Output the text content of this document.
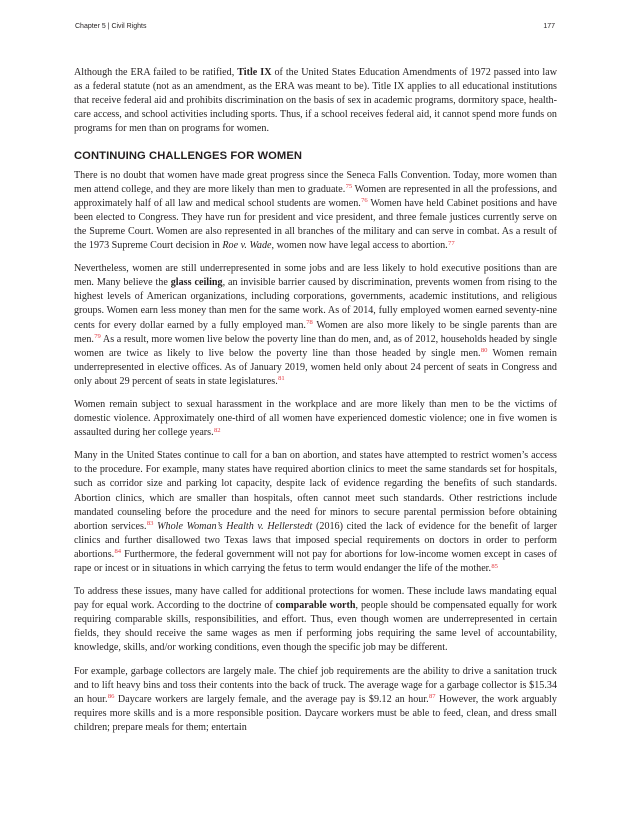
Chapter 5 | Civil Rights	177

Although the ERA failed to be ratified, Title IX of the United States Education Amendments of 1972 passed into law as a federal statute (not as an amendment, as the ERA was meant to be). Title IX applies to all educational institutions that receive federal aid and prohibits discrimination on the basis of sex in academic programs, dormitory space, health-care access, and school activities including sports. Thus, if a school receives federal aid, it cannot spend more funds on programs for men than on programs for women.

CONTINUING CHALLENGES FOR WOMEN

There is no doubt that women have made great progress since the Seneca Falls Convention. Today, more women than men attend college, and they are more likely than men to graduate.$^{75}$ Women are represented in all the professions, and approximately half of all law and medical school students are women.$^{76}$ Women have held Cabinet positions and have been elected to Congress. They have run for president and vice president, and three female justices currently serve on the Supreme Court. Women are also represented in all branches of the military and can serve in combat. As a result of the 1973 Supreme Court decision in Roe v. Wade, women now have legal access to abortion.$^{77}$

Nevertheless, women are still underrepresented in some jobs and are less likely to hold executive positions than are men. Many believe the glass ceiling, an invisible barrier caused by discrimination, prevents women from rising to the highest levels of American organizations, including corporations, governments, academic institutions, and religious groups. Women earn less money than men for the same work. As of 2014, fully employed women earned seventy-nine cents for every dollar earned by a fully employed man.$^{78}$ Women are also more likely to be single parents than are men.$^{79}$ As a result, more women live below the poverty line than do men, and, as of 2012, households headed by single women are twice as likely to live below the poverty line than those headed by single men.$^{80}$ Women remain underrepresented in elective offices. As of January 2019, women held only about 24 percent of seats in Congress and only about 29 percent of seats in state legislatures.$^{81}$

Women remain subject to sexual harassment in the workplace and are more likely than men to be the victims of domestic violence. Approximately one-third of all women have experienced domestic violence; one in five women is assaulted during her college years.$^{82}$

Many in the United States continue to call for a ban on abortion, and states have attempted to restrict women’s access to the procedure. For example, many states have required abortion clinics to meet the same standards set for hospitals, such as corridor size and parking lot capacity, despite lack of evidence regarding the benefits of such standards. Abortion clinics, which are smaller than hospitals, often cannot meet such standards. Other restrictions include mandated counseling before the procedure and the need for minors to secure parental permission before obtaining abortion services.$^{83}$ Whole Woman’s Health v. Hellerstedt (2016) cited the lack of evidence for the benefit of larger clinics and further disallowed two Texas laws that imposed special requirements on doctors in order to perform abortions.$^{84}$ Furthermore, the federal government will not pay for abortions for low-income women except in cases of rape or incest or in situations in which carrying the fetus to term would endanger the life of the mother.$^{85}$

To address these issues, many have called for additional protections for women. These include laws mandating equal pay for equal work. According to the doctrine of comparable worth, people should be compensated equally for work requiring comparable skills, responsibilities, and effort. Thus, even though women are underrepresented in certain fields, they should receive the same wages as men if performing jobs requiring the same level of accountability, knowledge, skills, and/or working conditions, even though the specific job may be different.

For example, garbage collectors are largely male. The chief job requirements are the ability to drive a sanitation truck and to lift heavy bins and toss their contents into the back of truck. The average wage for a garbage collector is $15.34 an hour.$^{86}$ Daycare workers are largely female, and the average pay is $9.12 an hour.$^{87}$ However, the work arguably requires more skills and is a more responsible position. Daycare workers must be able to feed, clean, and dress small children; prepare meals for them; entertain
